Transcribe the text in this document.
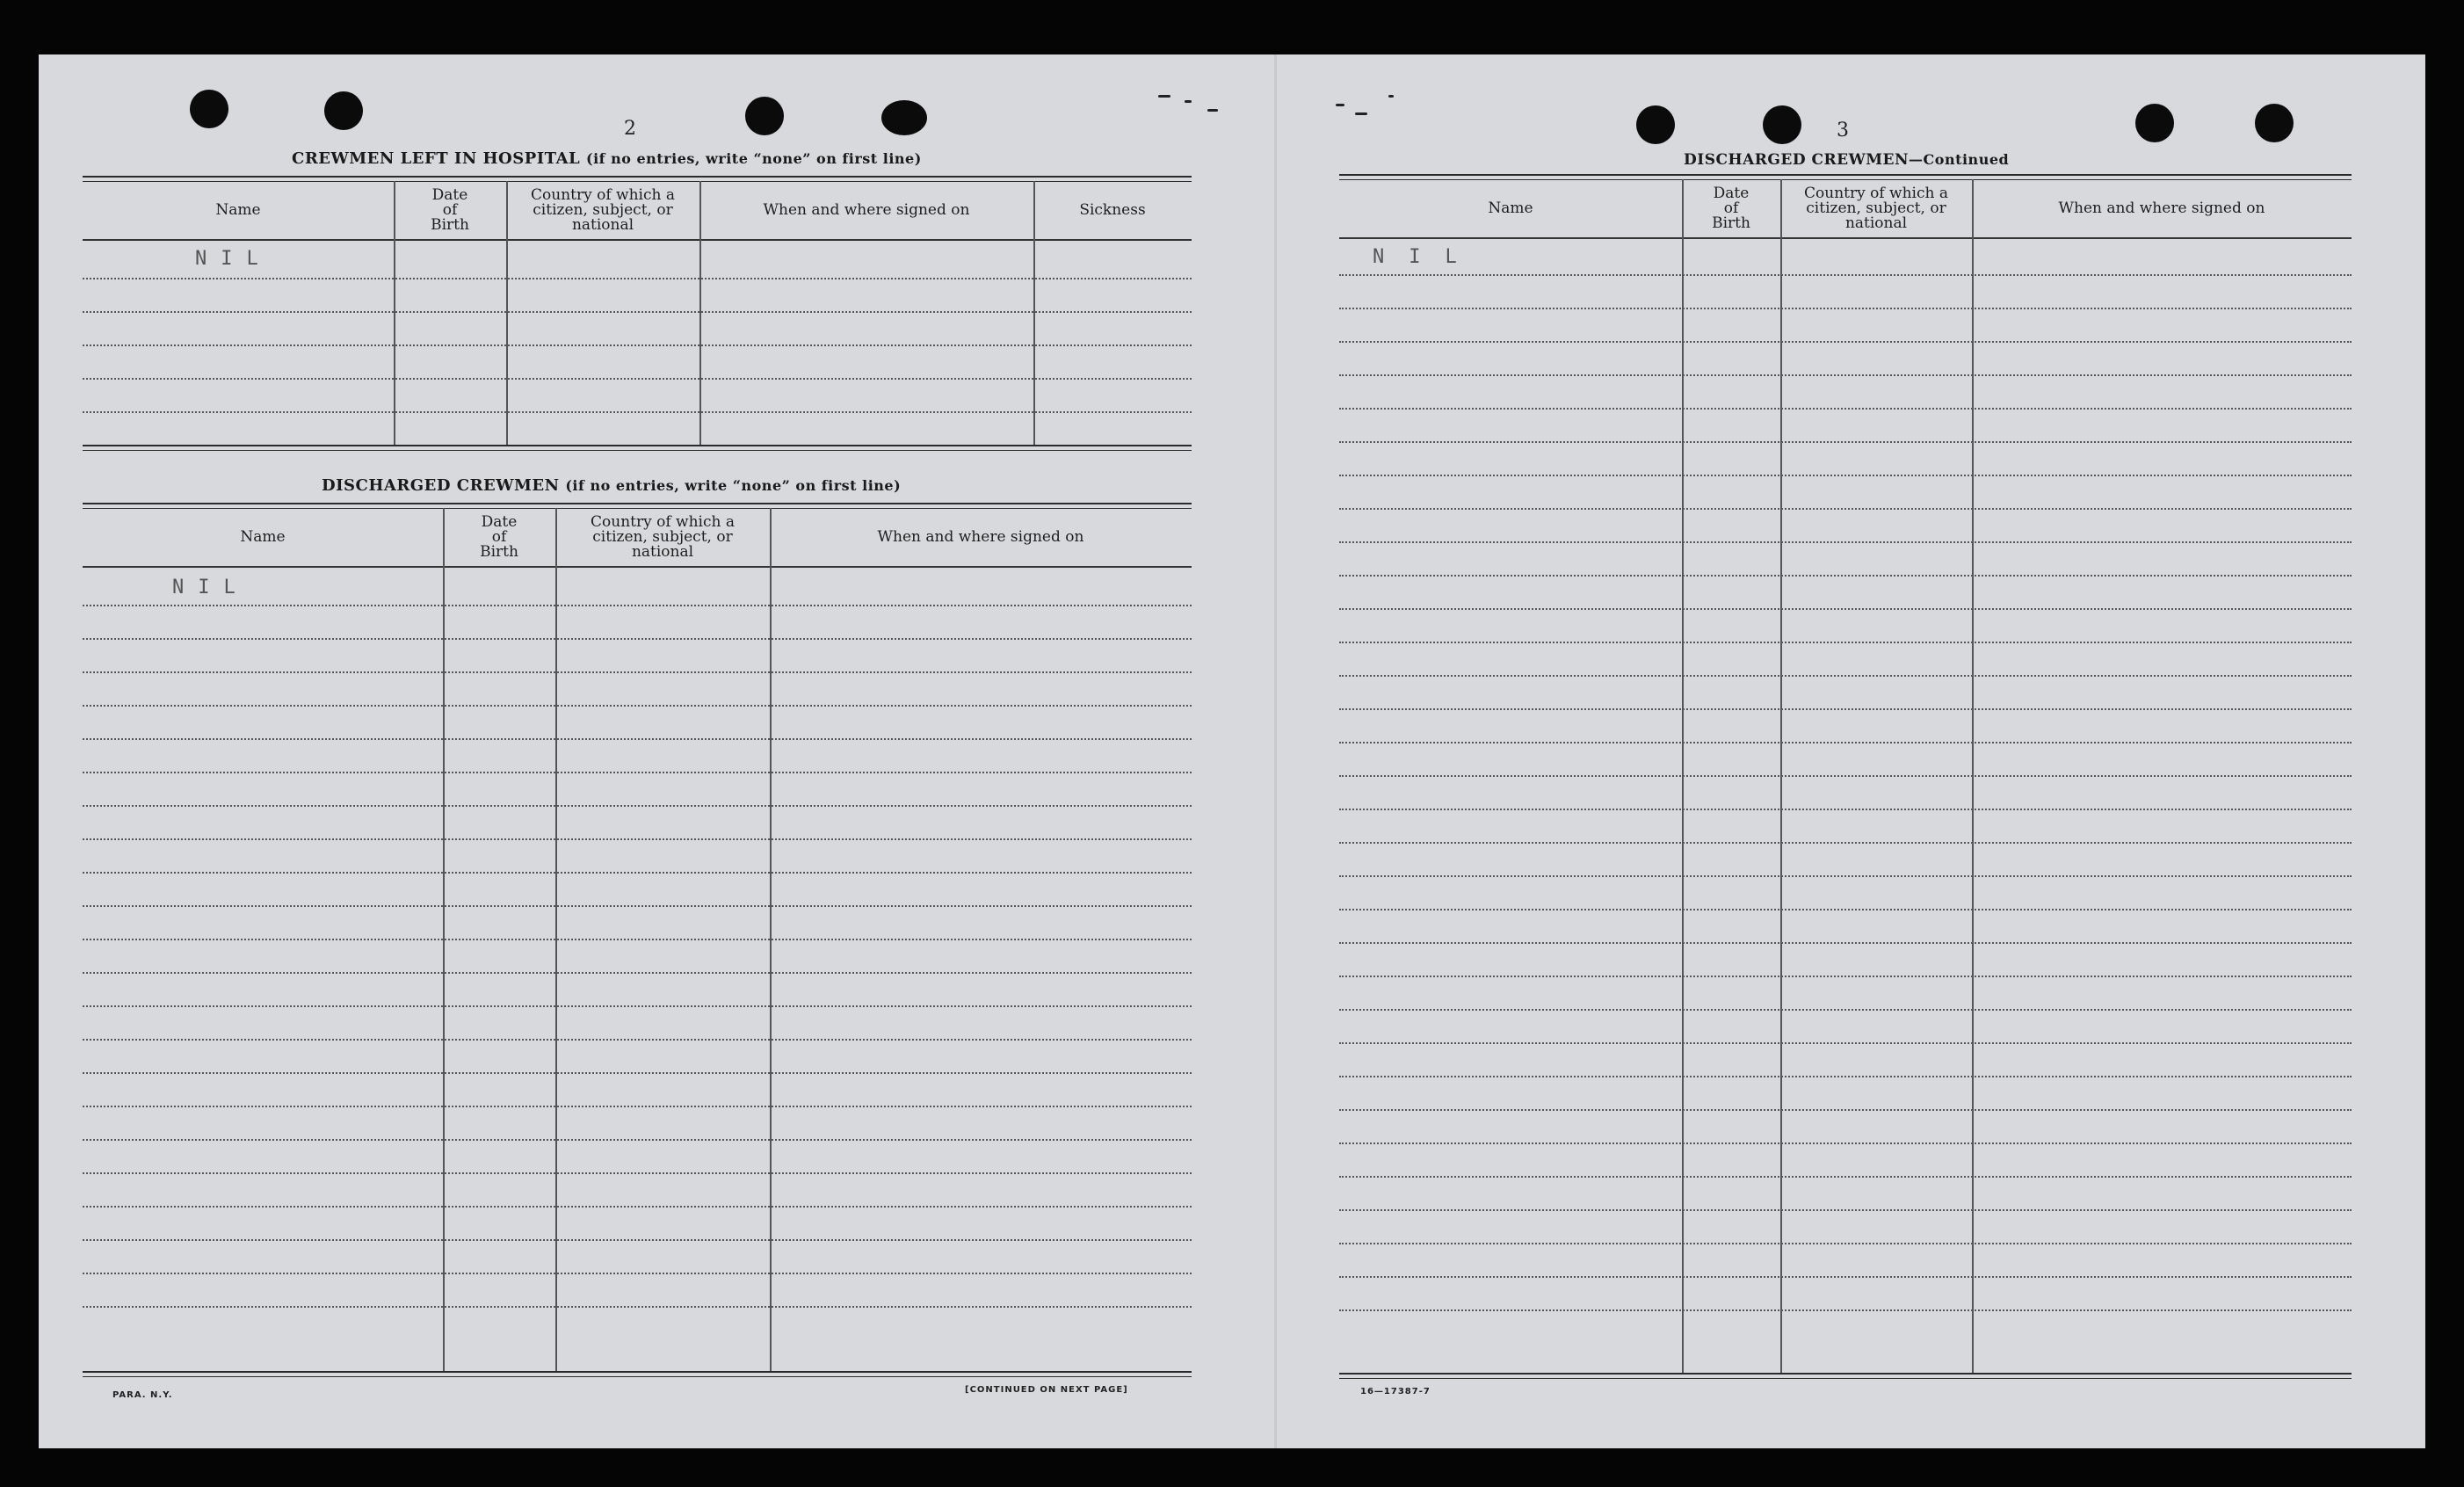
2
CREWMEN LEFT IN HOSPITAL (if no entries, write “none” on first line)
Name
Date
of
Birth
Country of which a
citizen, subject, or
national
When and where signed on	Sickness
NIL
DISCHARGED CREWMEN (if no entries, write “none” on first line)
Name
Date
of
Birth
Country of which a
citizen, subject, or
national
When and where signed on
NIL
PARA. N.Y.
[CONTINUED ON NEXT PAGE]
3
DISCHARGED CREWMEN—Continued
Name
Date
of
Birth
Country of which a
citizen, subject, or
national
When and where signed on
NIL
16—17387-7
